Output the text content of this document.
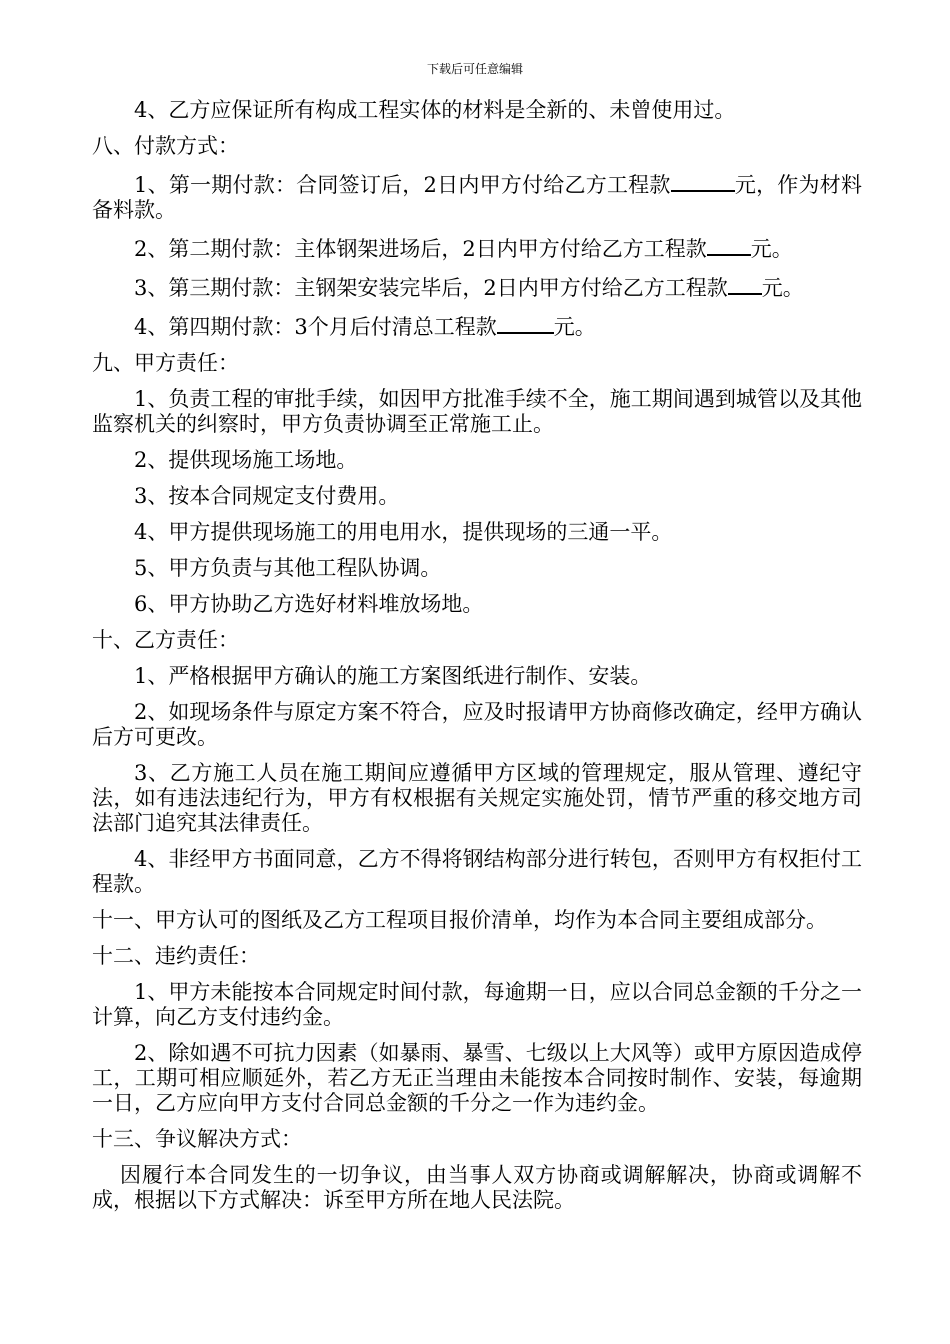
下载后可任意编辑
4、乙方应保证所有构成工程实体的材料是全新的、未曾使用过。
八、付款方式：
1、第一期付款：合同签订后，2日内甲方付给乙方工程款	元，作为材料备料款。
2、第二期付款：主体钢架进场后，2日内甲方付给乙方工程款 元。
3、第三期付款：主钢架安装完毕后，2日内甲方付给乙方工程款 元。
4、第四期付款：3个月后付清总工程款	元。
九、甲方责任：
1、负责工程的审批手续，如因甲方批准手续不全，施工期间遇到城管以及其他监察机关的纠察时，甲方负责协调至正常施工止。
2、提供现场施工场地。
3、按本合同规定支付费用。
4、甲方提供现场施工的用电用水，提供现场的三通一平。
5、甲方负责与其他工程队协调。
6、甲方协助乙方选好材料堆放场地。
十、乙方责任：
1、严格根据甲方确认的施工方案图纸进行制作、安装。
2、如现场条件与原定方案不符合，应及时报请甲方协商修改确定，经甲方确认后方可更改。
3、乙方施工人员在施工期间应遵循甲方区域的管理规定，服从管理、遵纪守法，如有违法违纪行为，甲方有权根据有关规定实施处罚，情节严重的移交地方司法部门追究其法律责任。
4、非经甲方书面同意，乙方不得将钢结构部分进行转包，否则甲方有权拒付工程款。
十一、甲方认可的图纸及乙方工程项目报价清单，均作为本合同主要组成部分。
十二、违约责任：
1、甲方未能按本合同规定时间付款，每逾期一日，应以合同总金额的千分之一计算，向乙方支付违约金。
2、除如遇不可抗力因素（如暴雨、暴雪、七级以上大风等）或甲方原因造成停工，工期可相应顺延外，若乙方无正当理由未能按本合同按时制作、安装，每逾期一日，乙方应向甲方支付合同总金额的千分之一作为违约金。
十三、争议解决方式：
因履行本合同发生的一切争议，由当事人双方协商或调解解决，协商或调解不成，根据以下方式解决：诉至甲方所在地人民法院。
